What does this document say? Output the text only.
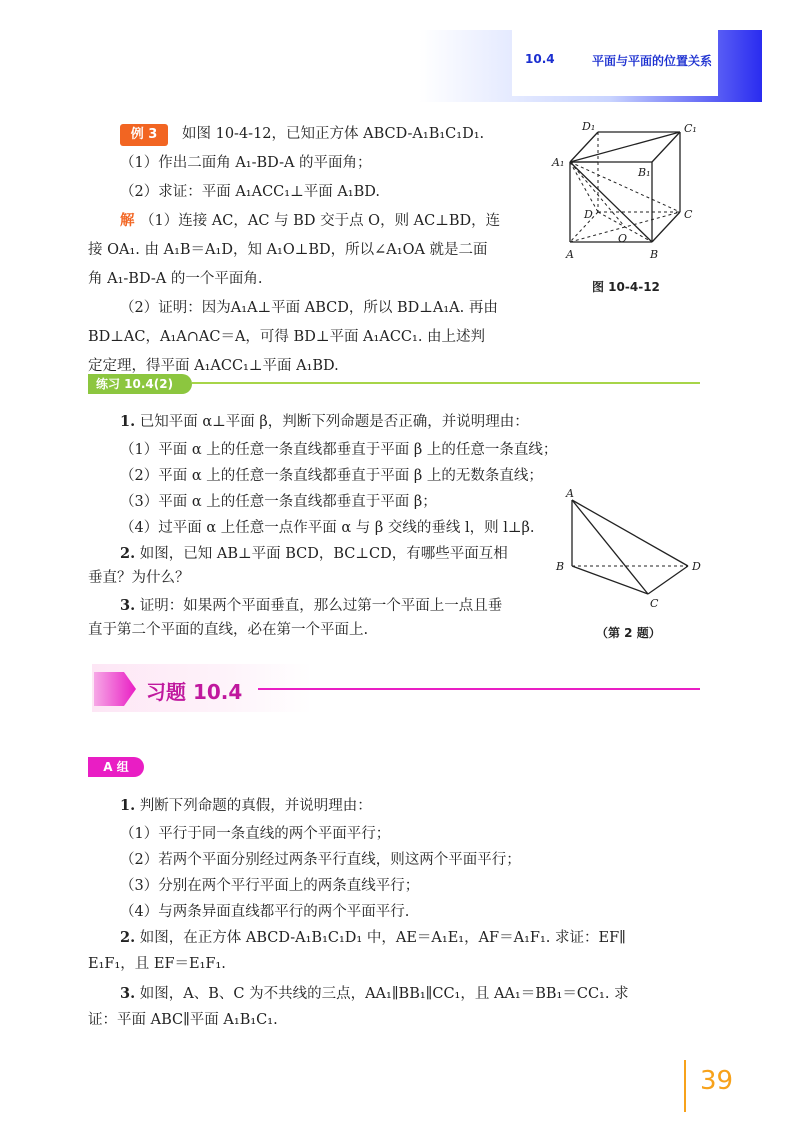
10.4	平面与平面的位置关系
例 3	如图 10-4-12，已知正方体 ABCD-A₁B₁C₁D₁.
（1）作出二面角 A₁-BD-A 的平面角；
（2）求证：平面 A₁ACC₁⊥平面 A₁BD.
解 （1）连接 AC，AC 与 BD 交于点 O，则 AC⊥BD，连
接 OA₁. 由 A₁B＝A₁D，知 A₁O⊥BD，所以∠A₁OA 就是二面
角 A₁-BD-A 的一个平面角.
（2）证明：因为A₁A⊥平面 ABCD，所以 BD⊥A₁A. 再由
BD⊥AC，A₁A∩AC＝A，可得 BD⊥平面 A₁ACC₁. 由上述判
定定理，得平面 A₁ACC₁⊥平面 A₁BD.
D₁	C₁
A₁
B₁
D	C
O
A	B
图 10-4-12
练习 10.4(2)
1. 已知平面 α⊥平面 β，判断下列命题是否正确，并说明理由：
（1）平面 α 上的任意一条直线都垂直于平面 β 上的任意一条直线；
（2）平面 α 上的任意一条直线都垂直于平面 β 上的无数条直线；
（3）平面 α 上的任意一条直线都垂直于平面 β；
（4）过平面 α 上任意一点作平面 α 与 β 交线的垂线 l，则 l⊥β.
2. 如图，已知 AB⊥平面 BCD，BC⊥CD，有哪些平面互相
垂直？为什么？
3. 证明：如果两个平面垂直，那么过第一个平面上一点且垂
直于第二个平面的直线，必在第一个平面上.
A
B
C
D
（第 2 题）
习题 10.4
A 组
1. 判断下列命题的真假，并说明理由：
（1）平行于同一条直线的两个平面平行；
（2）若两个平面分别经过两条平行直线，则这两个平面平行；
（3）分别在两个平行平面上的两条直线平行；
（4）与两条异面直线都平行的两个平面平行.
2. 如图，在正方体 ABCD-A₁B₁C₁D₁ 中，AE＝A₁E₁，AF＝A₁F₁. 求证：EF∥
E₁F₁，且 EF＝E₁F₁.
3. 如图，A、B、C 为不共线的三点，AA₁∥BB₁∥CC₁，且 AA₁＝BB₁＝CC₁. 求
证：平面 ABC∥平面 A₁B₁C₁.
39
